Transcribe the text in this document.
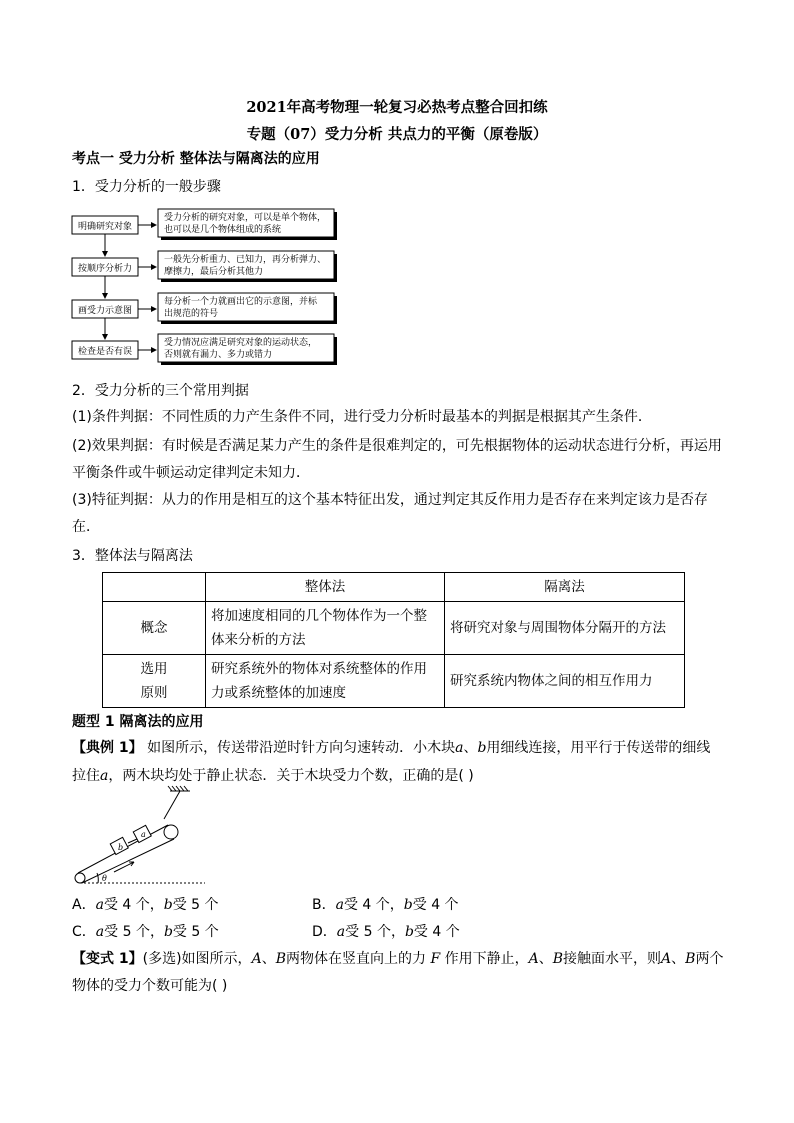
2021年高考物理一轮复习必热考点整合回扣练
专题（07）受力分析 共点力的平衡（原卷版）
考点一 受力分析 整体法与隔离法的应用
1．受力分析的一般步骤
明确研究对象
按顺序分析力
画受力示意图
检查是否有误
受力分析的研究对象，可以是单个物体，
也可以是几个物体组成的系统
一般先分析重力、已知力，再分析弹力、
摩擦力，最后分析其他力
每分析一个力就画出它的示意图，并标
出规范的符号
受力情况应满足研究对象的运动状态，
否则就有漏力、多力或错力
2．受力分析的三个常用判据
(1)条件判据：不同性质的力产生条件不同，进行受力分析时最基本的判据是根据其产生条件．
(2)效果判据：有时候是否满足某力产生的条件是很难判定的，可先根据物体的运动状态进行分析，再运用
平衡条件或牛顿运动定律判定未知力．
(3)特征判据：从力的作用是相互的这个基本特征出发，通过判定其反作用力是否存在来判定该力是否存
在．
3．整体法与隔离法
	整体法	隔离法
概念	将加速度相同的几个物体作为一个整
体来分析的方法	将研究对象与周围物体分隔开的方法
选用
原则	研究系统外的物体对系统整体的作用
力或系统整体的加速度	研究系统内物体之间的相互作用力
题型 1 隔离法的应用
【典例 1】 如图所示，传送带沿逆时针方向匀速转动．小木块a、b用细线连接，用平行于传送带的细线
拉住a，两木块均处于静止状态．关于木块受力个数，正确的是( )
b
a
θ
A．a受 4 个，b受 5 个	B．a受 4 个，b受 4 个
C．a受 5 个，b受 5 个	D．a受 5 个，b受 4 个
【变式 1】(多选)如图所示，A、B两物体在竖直向上的力 F 作用下静止，A、B接触面水平，则A、B两个
物体的受力个数可能为( )
